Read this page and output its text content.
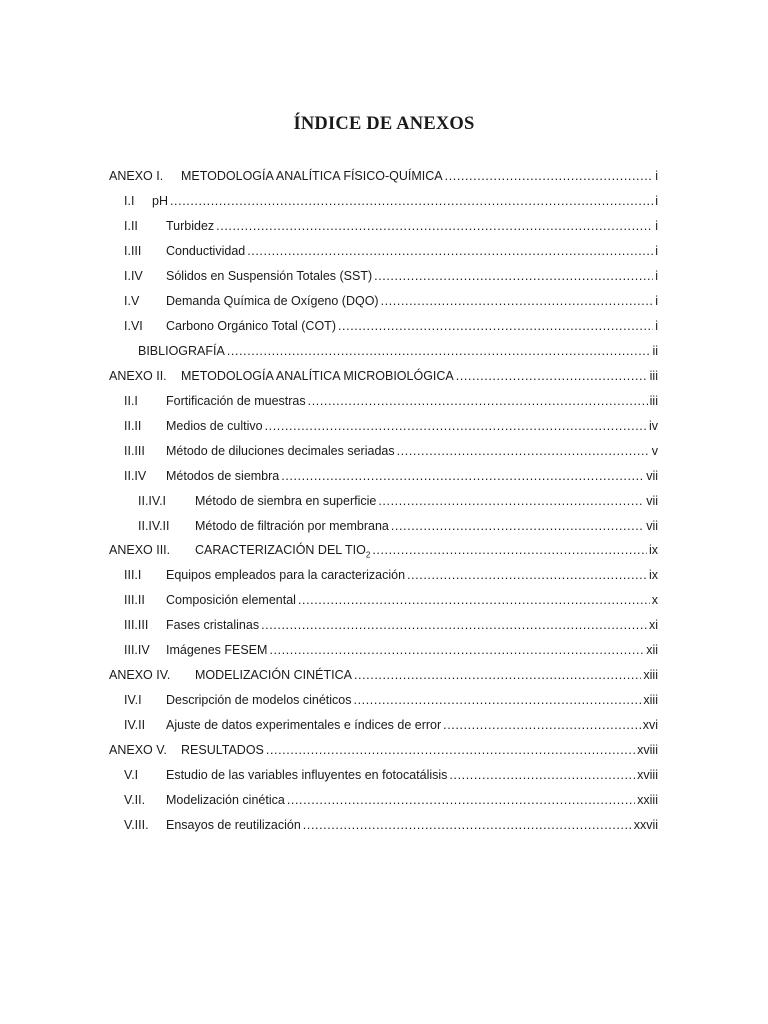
ÍNDICE DE ANEXOS
ANEXO I.	METODOLOGÍA ANALÍTICA FÍSICO-QUÍMICA .....	i
I.I	pH .....	i
I.II	Turbidez .....	i
I.III	Conductividad .....	i
I.IV	Sólidos en Suspensión Totales (SST) .....	i
I.V	Demanda Química de Oxígeno (DQO) .....	i
I.VI	Carbono Orgánico Total (COT) .....	i
BIBLIOGRAFÍA .....	ii
ANEXO II.	METODOLOGÍA ANALÍTICA MICROBIOLÓGICA .....	iii
II.I	Fortificación de muestras .....	iii
II.II	Medios de cultivo .....	iv
II.III	Método de diluciones decimales seriadas .....	v
II.IV	Métodos de siembra .....	vii
II.IV.I	Método de siembra en superficie .....	vii
II.IV.II	Método de filtración por membrana .....	vii
ANEXO III.	CARACTERIZACIÓN DEL $TIO_2$ .....	ix
III.I	Equipos empleados para la caracterización .....	ix
III.II	Composición elemental .....	x
III.III	Fases cristalinas .....	xi
III.IV	Imágenes FESEM .....	xii
ANEXO IV.	MODELIZACIÓN CINÉTICA .....	xiii
IV.I	Descripción de modelos cinéticos .....	xiii
IV.II	Ajuste de datos experimentales e índices de error .....	xvi
ANEXO V.	RESULTADOS .....	xviii
V.I	Estudio de las variables influyentes en fotocatálisis .....	xviii
V.II.	Modelización cinética .....	xxiii
V.III.	Ensayos de reutilización .....	xxvii
